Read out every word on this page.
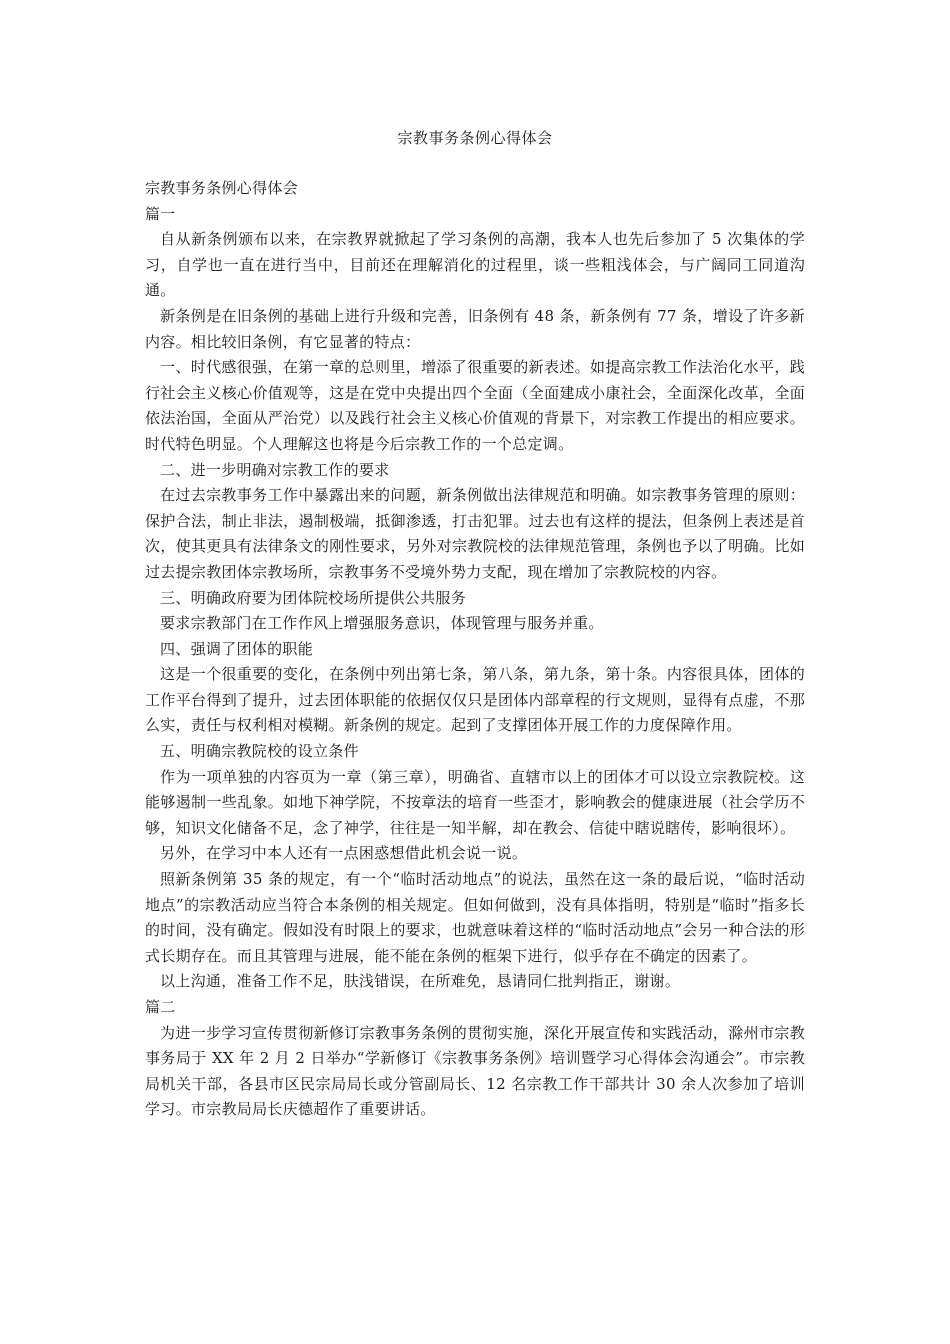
宗教事务条例心得体会

宗教事务条例心得体会

篇一

自从新条例颁布以来，在宗教界就掀起了学习条例的高潮，我本人也先后参加了 5 次集体的学习，自学也一直在进行当中，目前还在理解消化的过程里，谈一些粗浅体会，与广阔同工同道沟通。

新条例是在旧条例的基础上进行升级和完善，旧条例有 48 条，新条例有 77 条，增设了许多新内容。相比较旧条例，有它显著的特点：

一、时代感很强，在第一章的总则里，增添了很重要的新表述。如提高宗教工作法治化水平，践行社会主义核心价值观等，这是在党中央提出四个全面（全面建成小康社会，全面深化改革，全面依法治国，全面从严治党）以及践行社会主义核心价值观的背景下，对宗教工作提出的相应要求。时代特色明显。个人理解这也将是今后宗教工作的一个总定调。

二、进一步明确对宗教工作的要求

在过去宗教事务工作中暴露出来的问题，新条例做出法律规范和明确。如宗教事务管理的原则：保护合法，制止非法，遏制极端，抵御渗透，打击犯罪。过去也有这样的提法，但条例上表述是首次，使其更具有法律条文的刚性要求，另外对宗教院校的法律规范管理，条例也予以了明确。比如过去提宗教团体宗教场所，宗教事务不受境外势力支配，现在增加了宗教院校的内容。

三、明确政府要为团体院校场所提供公共服务

要求宗教部门在工作作风上增强服务意识，体现管理与服务并重。

四、强调了团体的职能

这是一个很重要的变化，在条例中列出第七条，第八条，第九条，第十条。内容很具体，团体的工作平台得到了提升，过去团体职能的依据仅仅只是团体内部章程的行文规则，显得有点虚，不那么实，责任与权利相对模糊。新条例的规定。起到了支撑团体开展工作的力度保障作用。

五、明确宗教院校的设立条件

作为一项单独的内容页为一章（第三章），明确省、直辖市以上的团体才可以设立宗教院校。这能够遏制一些乱象。如地下神学院，不按章法的培育一些歪才，影响教会的健康进展（社会学历不够，知识文化储备不足，念了神学，往往是一知半解，却在教会、信徒中瞎说瞎传，影响很坏）。

另外，在学习中本人还有一点困惑想借此机会说一说。

照新条例第 35 条的规定，有一个“临时活动地点”的说法，虽然在这一条的最后说，“临时活动地点”的宗教活动应当符合本条例的相关规定。但如何做到，没有具体指明，特别是“临时”指多长的时间，没有确定。假如没有时限上的要求，也就意味着这样的“临时活动地点”会另一种合法的形式长期存在。而且其管理与进展，能不能在条例的框架下进行，似乎存在不确定的因素了。

以上沟通，准备工作不足，肤浅错误，在所难免，恳请同仁批判指正，谢谢。

篇二

为进一步学习宣传贯彻新修订宗教事务条例的贯彻实施，深化开展宣传和实践活动，滁州市宗教事务局于 XX 年 2 月 2 日举办“学新修订《宗教事务条例》培训暨学习心得体会沟通会”。市宗教局机关干部，各县市区民宗局局长或分管副局长、12 名宗教工作干部共计 30 余人次参加了培训学习。市宗教局局长庆德超作了重要讲话。
